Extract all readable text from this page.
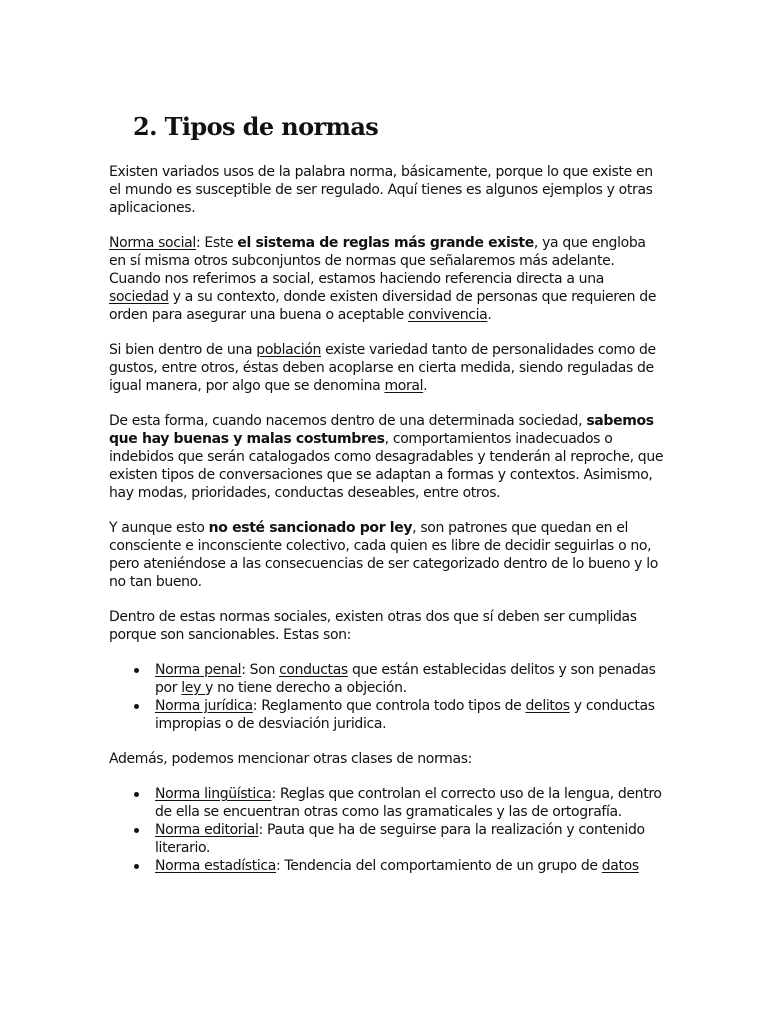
2. Tipos de normas

Existen variados usos de la palabra norma, básicamente, porque lo que existe en el mundo es susceptible de ser regulado. Aquí tienes es algunos ejemplos y otras aplicaciones.

Norma social: Este el sistema de reglas más grande existe, ya que engloba en sí misma otros subconjuntos de normas que señalaremos más adelante. Cuando nos referimos a social, estamos haciendo referencia directa a una sociedad y a su contexto, donde existen diversidad de personas que requieren de orden para asegurar una buena o aceptable convivencia.

Si bien dentro de una población existe variedad tanto de personalidades como de gustos, entre otros, éstas deben acoplarse en cierta medida, siendo reguladas de igual manera, por algo que se denomina moral.

De esta forma, cuando nacemos dentro de una determinada sociedad, sabemos que hay buenas y malas costumbres, comportamientos inadecuados o indebidos que serán catalogados como desagradables y tenderán al reproche, que existen tipos de conversaciones que se adaptan a formas y contextos. Asimismo, hay modas, prioridades, conductas deseables, entre otros.

Y aunque esto no esté sancionado por ley, son patrones que quedan en el consciente e inconsciente colectivo, cada quien es libre de decidir seguirlas o no, pero ateniéndose a las consecuencias de ser categorizado dentro de lo bueno y lo no tan bueno.

Dentro de estas normas sociales, existen otras dos que sí deben ser cumplidas porque son sancionables. Estas son:

Norma penal: Son conductas que están establecidas delitos y son penadas por ley y no tiene derecho a objeción.
Norma jurídica: Reglamento que controla todo tipos de delitos y conductas impropias o de desviación juridica.

Además, podemos mencionar otras clases de normas:

Norma lingüística: Reglas que controlan el correcto uso de la lengua, dentro de ella se encuentran otras como las gramaticales y las de ortografía.
Norma editorial: Pauta que ha de seguirse para la realización y contenido literario.
Norma estadística: Tendencia del comportamiento de un grupo de datos
